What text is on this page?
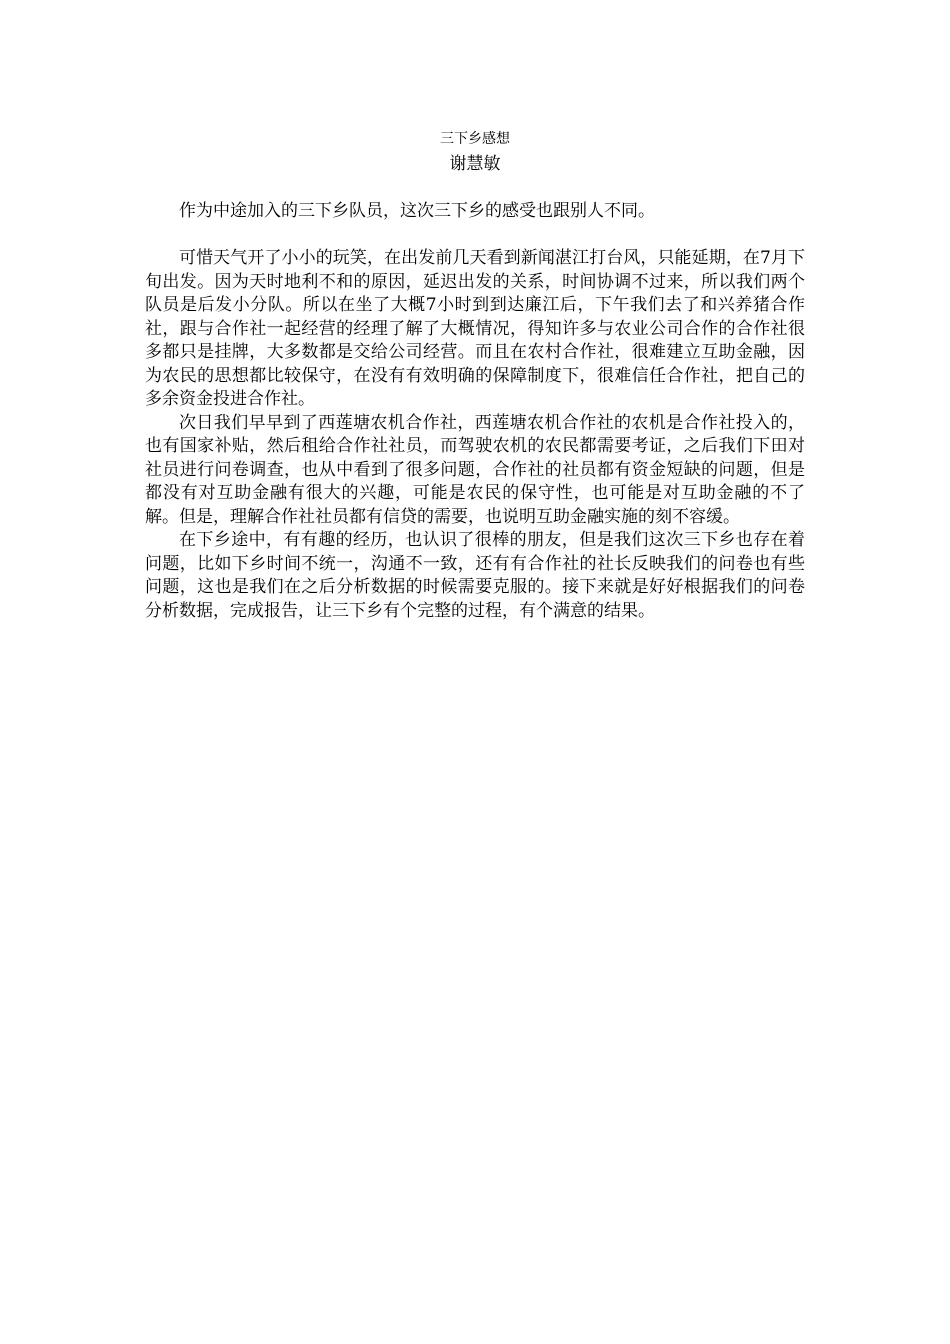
三下乡感想
谢慧敏

作为中途加入的三下乡队员，这次三下乡的感受也跟别人不同。

可惜天气开了小小的玩笑，在出发前几天看到新闻湛江打台风，只能延期，在7月下旬出发。因为天时地利不和的原因，延迟出发的关系，时间协调不过来，所以我们两个队员是后发小分队。所以在坐了大概7小时到到达廉江后，下午我们去了和兴养猪合作社，跟与合作社一起经营的经理了解了大概情况，得知许多与农业公司合作的合作社很多都只是挂牌，大多数都是交给公司经营。而且在农村合作社，很难建立互助金融，因为农民的思想都比较保守，在没有有效明确的保障制度下，很难信任合作社，把自己的多余资金投进合作社。

次日我们早早到了西莲塘农机合作社，西莲塘农机合作社的农机是合作社投入的，也有国家补贴，然后租给合作社社员，而驾驶农机的农民都需要考证，之后我们下田对社员进行问卷调查，也从中看到了很多问题，合作社的社员都有资金短缺的问题，但是都没有对互助金融有很大的兴趣，可能是农民的保守性，也可能是对互助金融的不了解。但是，理解合作社社员都有信贷的需要，也说明互助金融实施的刻不容缓。

在下乡途中，有有趣的经历，也认识了很棒的朋友，但是我们这次三下乡也存在着问题，比如下乡时间不统一，沟通不一致，还有有合作社的社长反映我们的问卷也有些问题，这也是我们在之后分析数据的时候需要克服的。接下来就是好好根据我们的问卷分析数据，完成报告，让三下乡有个完整的过程，有个满意的结果。
